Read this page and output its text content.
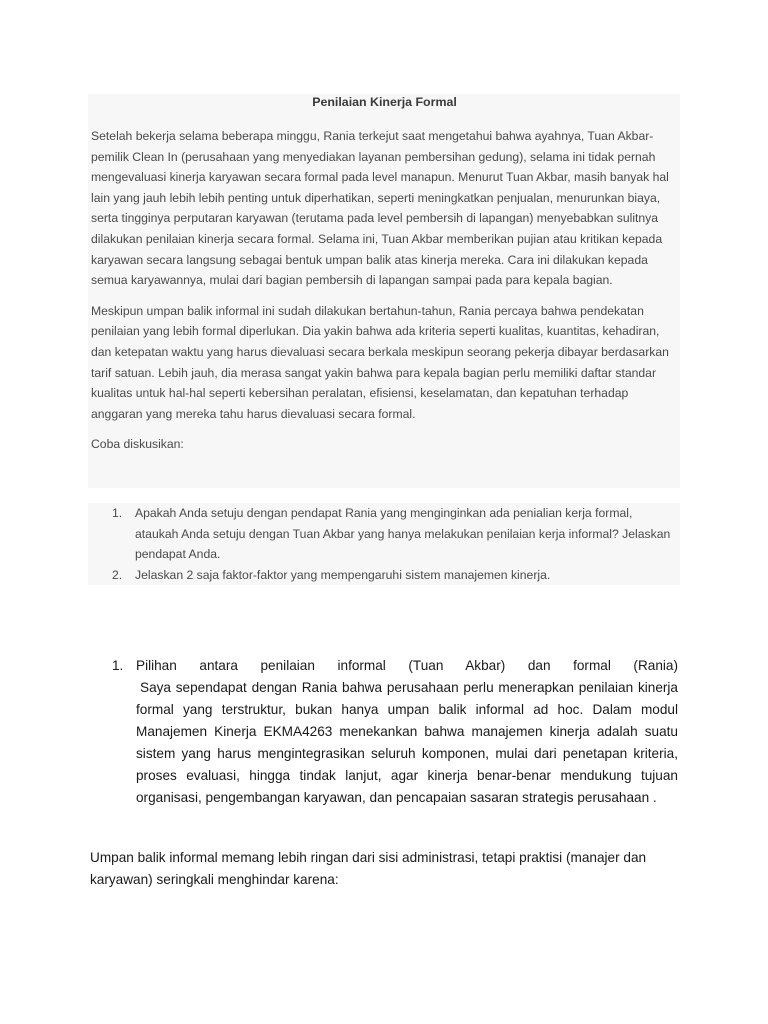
Penilaian Kinerja Formal

Setelah bekerja selama beberapa minggu, Rania terkejut saat mengetahui bahwa ayahnya, Tuan Akbar- pemilik Clean In (perusahaan yang menyediakan layanan pembersihan gedung), selama ini tidak pernah mengevaluasi kinerja karyawan secara formal pada level manapun. Menurut Tuan Akbar, masih banyak hal lain yang jauh lebih lebih penting untuk diperhatikan, seperti meningkatkan penjualan, menurunkan biaya, serta tingginya perputaran karyawan (terutama pada level pembersih di lapangan) menyebabkan sulitnya dilakukan penilaian kinerja secara formal. Selama ini, Tuan Akbar memberikan pujian atau kritikan kepada karyawan secara langsung sebagai bentuk umpan balik atas kinerja mereka. Cara ini dilakukan kepada semua karyawannya, mulai dari bagian pembersih di lapangan sampai pada para kepala bagian.

Meskipun umpan balik informal ini sudah dilakukan bertahun-tahun, Rania percaya bahwa pendekatan penilaian yang lebih formal diperlukan. Dia yakin bahwa ada kriteria seperti kualitas, kuantitas, kehadiran, dan ketepatan waktu yang harus dievaluasi secara berkala meskipun seorang pekerja dibayar berdasarkan tarif satuan. Lebih jauh, dia merasa sangat yakin bahwa para kepala bagian perlu memiliki daftar standar kualitas untuk hal-hal seperti kebersihan peralatan, efisiensi, keselamatan, dan kepatuhan terhadap anggaran yang mereka tahu harus dievaluasi secara formal.

Coba diskusikan:

1. Apakah Anda setuju dengan pendapat Rania yang menginginkan ada penialian kerja formal, ataukah Anda setuju dengan Tuan Akbar yang hanya melakukan penilaian kerja informal? Jelaskan pendapat Anda.
2. Jelaskan 2 saja faktor-faktor yang mempengaruhi sistem manajemen kinerja.
1. Pilihan antara penilaian informal (Tuan Akbar) dan formal (Rania)
Saya sependapat dengan Rania bahwa perusahaan perlu menerapkan penilaian kinerja formal yang terstruktur, bukan hanya umpan balik informal ad hoc. Dalam modul Manajemen Kinerja EKMA4263 menekankan bahwa manajemen kinerja adalah suatu sistem yang harus mengintegrasikan seluruh komponen, mulai dari penetapan kriteria, proses evaluasi, hingga tindak lanjut, agar kinerja benar-benar mendukung tujuan organisasi, pengembangan karyawan, dan pencapaian sasaran strategis perusahaan .

Umpan balik informal memang lebih ringan dari sisi administrasi, tetapi praktisi (manajer dan karyawan) seringkali menghindar karena:
